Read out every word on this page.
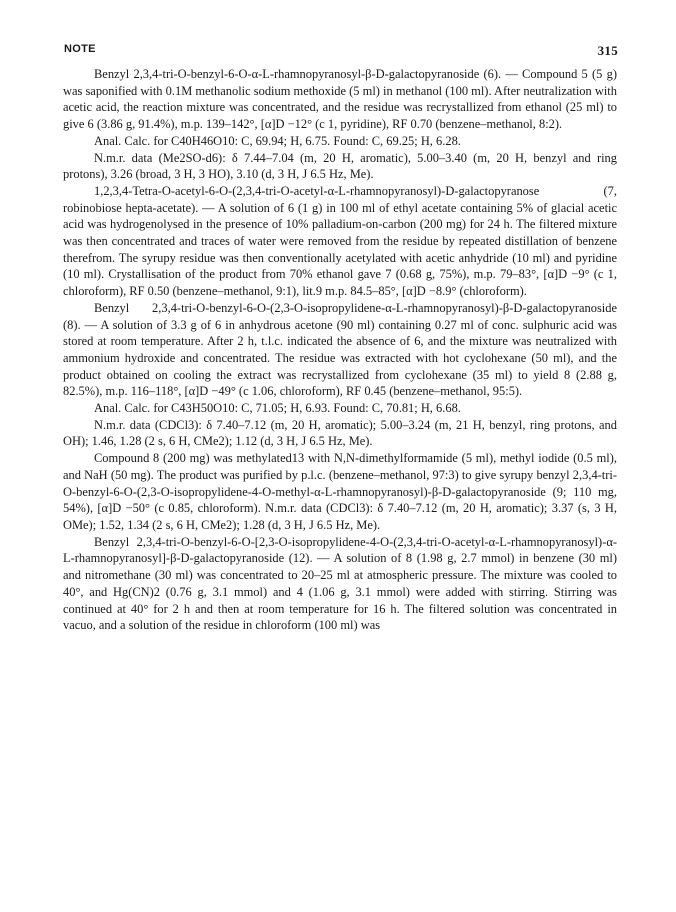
NOTE	315

Benzyl 2,3,4-tri-O-benzyl-6-O-α-L-rhamnopyranosyl-β-D-galactopyranoside (6). — Compound 5 (5 g) was saponified with 0.1M methanolic sodium methoxide (5 ml) in methanol (100 ml). After neutralization with acetic acid, the reaction mixture was concentrated, and the residue was recrystallized from ethanol (25 ml) to give 6 (3.86 g, 91.4%), m.p. 139–142°, [α]D −12° (c 1, pyridine), RF 0.70 (benzene–methanol, 8:2).

Anal. Calc. for C40H46O10: C, 69.94; H, 6.75. Found: C, 69.25; H, 6.28.

N.m.r. data (Me2SO-d6): δ 7.44–7.04 (m, 20 H, aromatic), 5.00–3.40 (m, 20 H, benzyl and ring protons), 3.26 (broad, 3 H, 3 HO), 3.10 (d, 3 H, J 6.5 Hz, Me).

1,2,3,4-Tetra-O-acetyl-6-O-(2,3,4-tri-O-acetyl-α-L-rhamnopyranosyl)-D-galactopyranose (7, robinobiose hepta-acetate). — A solution of 6 (1 g) in 100 ml of ethyl acetate containing 5% of glacial acetic acid was hydrogenolysed in the presence of 10% palladium-on-carbon (200 mg) for 24 h. The filtered mixture was then concentrated and traces of water were removed from the residue by repeated distillation of benzene therefrom. The syrupy residue was then conventionally acetylated with acetic anhydride (10 ml) and pyridine (10 ml). Crystallisation of the product from 70% ethanol gave 7 (0.68 g, 75%), m.p. 79–83°, [α]D −9° (c 1, chloroform), RF 0.50 (benzene–methanol, 9:1), lit.9 m.p. 84.5–85°, [α]D −8.9° (chloroform).

Benzyl 2,3,4-tri-O-benzyl-6-O-(2,3-O-isopropylidene-α-L-rhamnopyranosyl)-β-D-galactopyranoside (8). — A solution of 3.3 g of 6 in anhydrous acetone (90 ml) containing 0.27 ml of conc. sulphuric acid was stored at room temperature. After 2 h, t.l.c. indicated the absence of 6, and the mixture was neutralized with ammonium hydroxide and concentrated. The residue was extracted with hot cyclohexane (50 ml), and the product obtained on cooling the extract was recrystallized from cyclohexane (35 ml) to yield 8 (2.88 g, 82.5%), m.p. 116–118°, [α]D −49° (c 1.06, chloroform), RF 0.45 (benzene–methanol, 95:5).

Anal. Calc. for C43H50O10: C, 71.05; H, 6.93. Found: C, 70.81; H, 6.68.

N.m.r. data (CDCl3): δ 7.40–7.12 (m, 20 H, aromatic); 5.00–3.24 (m, 21 H, benzyl, ring protons, and OH); 1.46, 1.28 (2 s, 6 H, CMe2); 1.12 (d, 3 H, J 6.5 Hz, Me).

Compound 8 (200 mg) was methylated13 with N,N-dimethylformamide (5 ml), methyl iodide (0.5 ml), and NaH (50 mg). The product was purified by p.l.c. (benzene–methanol, 97:3) to give syrupy benzyl 2,3,4-tri-O-benzyl-6-O-(2,3-O-isopropylidene-4-O-methyl-α-L-rhamnopyranosyl)-β-D-galactopyranoside (9; 110 mg, 54%), [α]D −50° (c 0.85, chloroform). N.m.r. data (CDCl3): δ 7.40–7.12 (m, 20 H, aromatic); 3.37 (s, 3 H, OMe); 1.52, 1.34 (2 s, 6 H, CMe2); 1.28 (d, 3 H, J 6.5 Hz, Me).

Benzyl 2,3,4-tri-O-benzyl-6-O-[2,3-O-isopropylidene-4-O-(2,3,4-tri-O-acetyl-α-L-rhamnopyranosyl)-α-L-rhamnopyranosyl]-β-D-galactopyranoside (12). — A solution of 8 (1.98 g, 2.7 mmol) in benzene (30 ml) and nitromethane (30 ml) was concentrated to 20–25 ml at atmospheric pressure. The mixture was cooled to 40°, and Hg(CN)2 (0.76 g, 3.1 mmol) and 4 (1.06 g, 3.1 mmol) were added with stirring. Stirring was continued at 40° for 2 h and then at room temperature for 16 h. The filtered solution was concentrated in vacuo, and a solution of the residue in chloroform (100 ml) was
